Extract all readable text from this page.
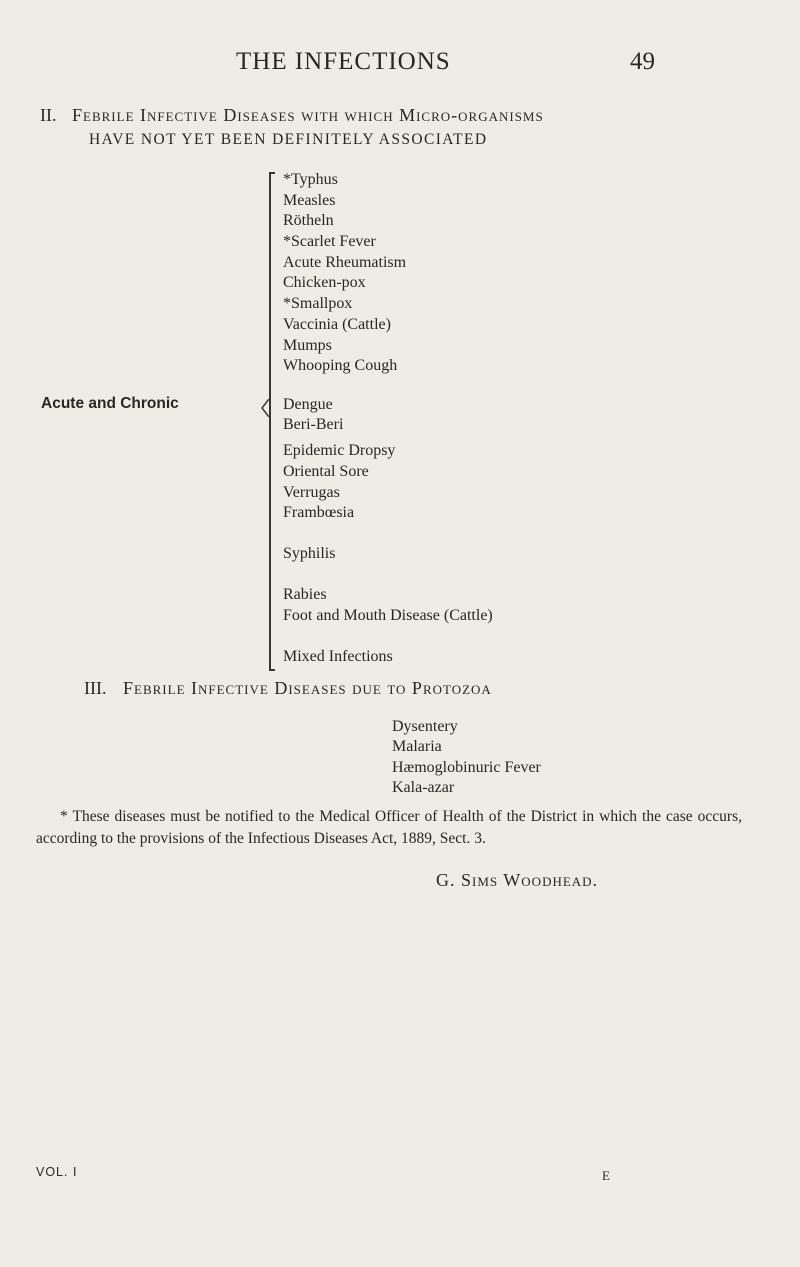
THE INFECTIONS	49
II. Febrile Infective Diseases with which Micro-organisms
HAVE NOT YET BEEN DEFINITELY ASSOCIATED
Acute and Chronic
*Typhus
Measles
Rötheln
*Scarlet Fever
Acute Rheumatism
Chicken-pox
*Smallpox
Vaccinia (Cattle)
Mumps
Whooping Cough
Dengue
Beri-Beri
Epidemic Dropsy
Oriental Sore
Verrugas
Frambœsia
Syphilis
Rabies
Foot and Mouth Disease (Cattle)
Mixed Infections
III. Febrile Infective Diseases due to Protozoa
Dysentery
Malaria
Hæmoglobinuric Fever
Kala-azar

* These diseases must be notified to the Medical Officer of Health of the District in which the case occurs, according to the provisions of the Infectious Diseases Act, 1889, Sect. 3.

G. Sims Woodhead.
VOL. I	E
